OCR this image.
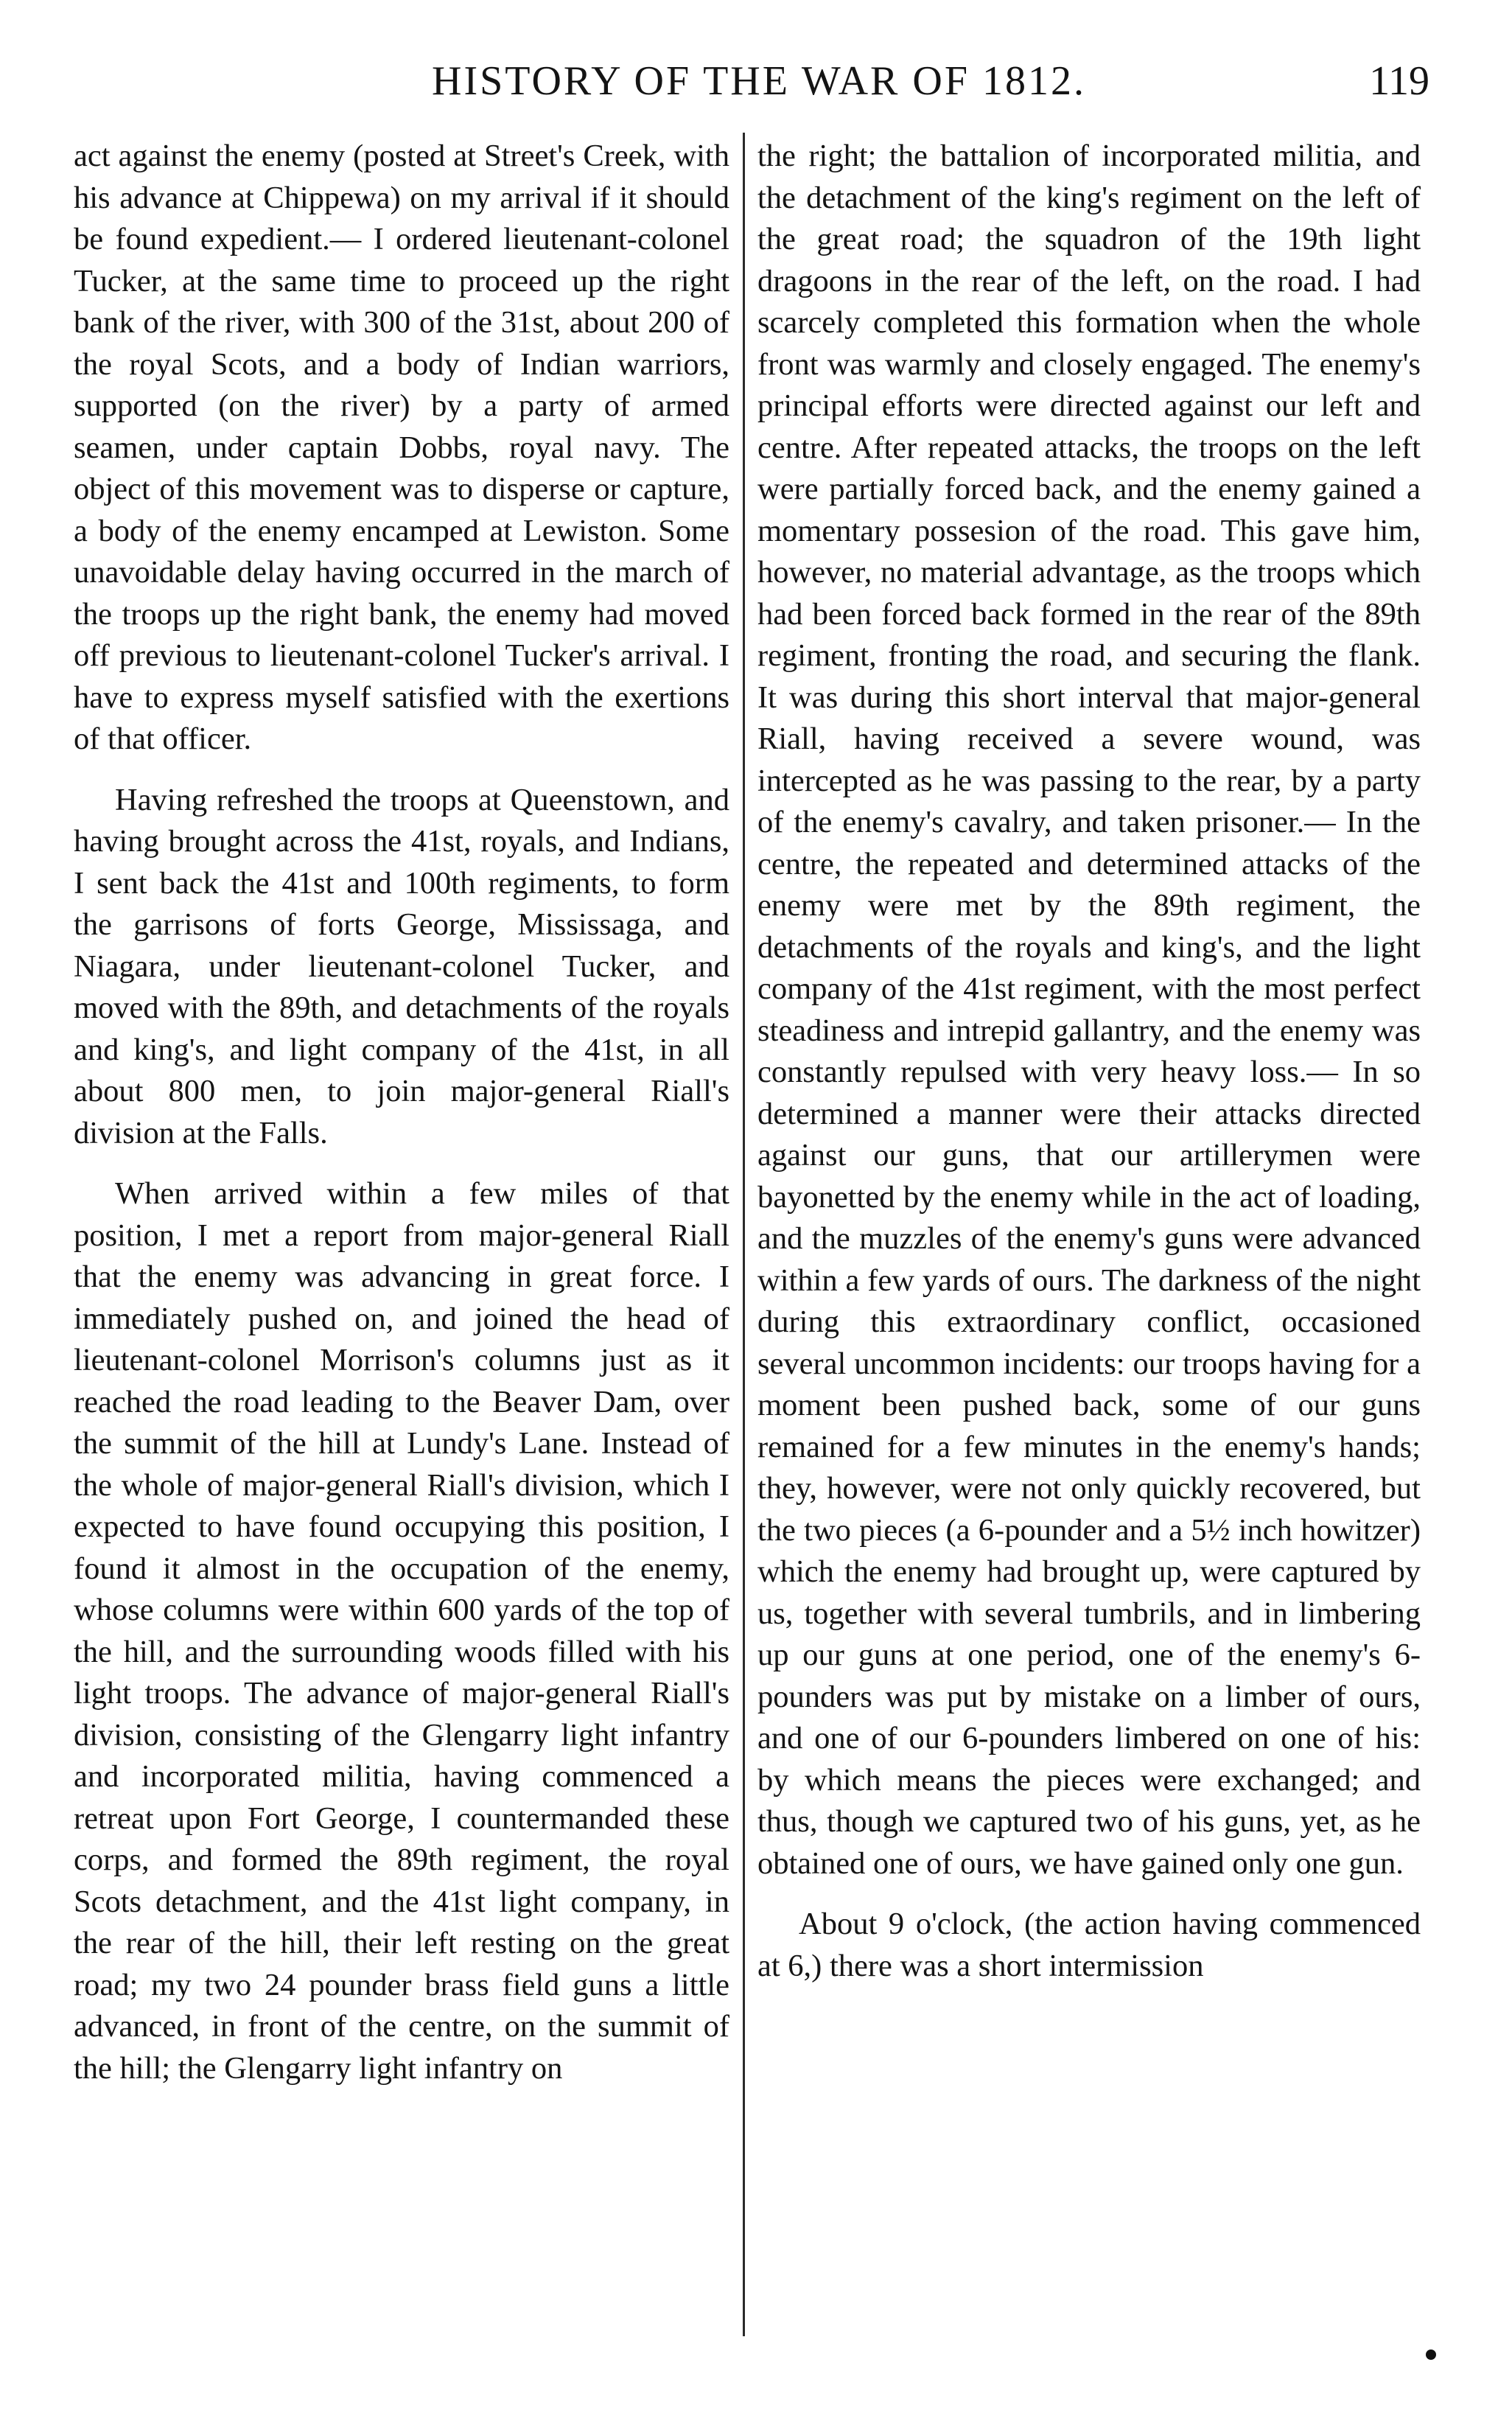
HISTORY OF THE WAR OF 1812.	119

act against the enemy (posted at Street's Creek, with his advance at Chippewa) on my arrival if it should be found expedient.— I ordered lieutenant-colonel Tucker, at the same time to proceed up the right bank of the river, with 300 of the 31st, about 200 of the royal Scots, and a body of Indian warriors, supported (on the river) by a party of armed seamen, under captain Dobbs, royal navy. The object of this movement was to disperse or capture, a body of the enemy encamped at Lewiston. Some unavoidable delay having occurred in the march of the troops up the right bank, the enemy had moved off previous to lieutenant-colonel Tucker's arrival. I have to express myself satisfied with the exertions of that officer.

Having refreshed the troops at Queenstown, and having brought across the 41st, royals, and Indians, I sent back the 41st and 100th regiments, to form the garrisons of forts George, Mississaga, and Niagara, under lieutenant-colonel Tucker, and moved with the 89th, and detachments of the royals and king's, and light company of the 41st, in all about 800 men, to join major-general Riall's division at the Falls.

When arrived within a few miles of that position, I met a report from major-general Riall that the enemy was advancing in great force. I immediately pushed on, and joined the head of lieutenant-colonel Morrison's columns just as it reached the road leading to the Beaver Dam, over the summit of the hill at Lundy's Lane. Instead of the whole of major-general Riall's division, which I expected to have found occupying this position, I found it almost in the occupation of the enemy, whose columns were within 600 yards of the top of the hill, and the surrounding woods filled with his light troops. The advance of major-general Riall's division, consisting of the Glengarry light infantry and incorporated militia, having commenced a retreat upon Fort George, I countermanded these corps, and formed the 89th regiment, the royal Scots detachment, and the 41st light company, in the rear of the hill, their left resting on the great road; my two 24 pounder brass field guns a little advanced, in front of the centre, on the summit of the hill; the Glengarry light infantry on

the right; the battalion of incorporated militia, and the detachment of the king's regiment on the left of the great road; the squadron of the 19th light dragoons in the rear of the left, on the road. I had scarcely completed this formation when the whole front was warmly and closely engaged. The enemy's principal efforts were directed against our left and centre. After repeated attacks, the troops on the left were partially forced back, and the enemy gained a momentary possesion of the road. This gave him, however, no material advantage, as the troops which had been forced back formed in the rear of the 89th regiment, fronting the road, and securing the flank. It was during this short interval that major-general Riall, having received a severe wound, was intercepted as he was passing to the rear, by a party of the enemy's cavalry, and taken prisoner.— In the centre, the repeated and determined attacks of the enemy were met by the 89th regiment, the detachments of the royals and king's, and the light company of the 41st regiment, with the most perfect steadiness and intrepid gallantry, and the enemy was constantly repulsed with very heavy loss.— In so determined a manner were their attacks directed against our guns, that our artillerymen were bayonetted by the enemy while in the act of loading, and the muzzles of the enemy's guns were advanced within a few yards of ours. The darkness of the night during this extraordinary conflict, occasioned several uncommon incidents: our troops having for a moment been pushed back, some of our guns remained for a few minutes in the enemy's hands; they, however, were not only quickly recovered, but the two pieces (a 6-pounder and a 5½ inch howitzer) which the enemy had brought up, were captured by us, together with several tumbrils, and in limbering up our guns at one period, one of the enemy's 6-pounders was put by mistake on a limber of ours, and one of our 6-pounders limbered on one of his: by which means the pieces were exchanged; and thus, though we captured two of his guns, yet, as he obtained one of ours, we have gained only one gun.

About 9 o'clock, (the action having commenced at 6,) there was a short intermission
